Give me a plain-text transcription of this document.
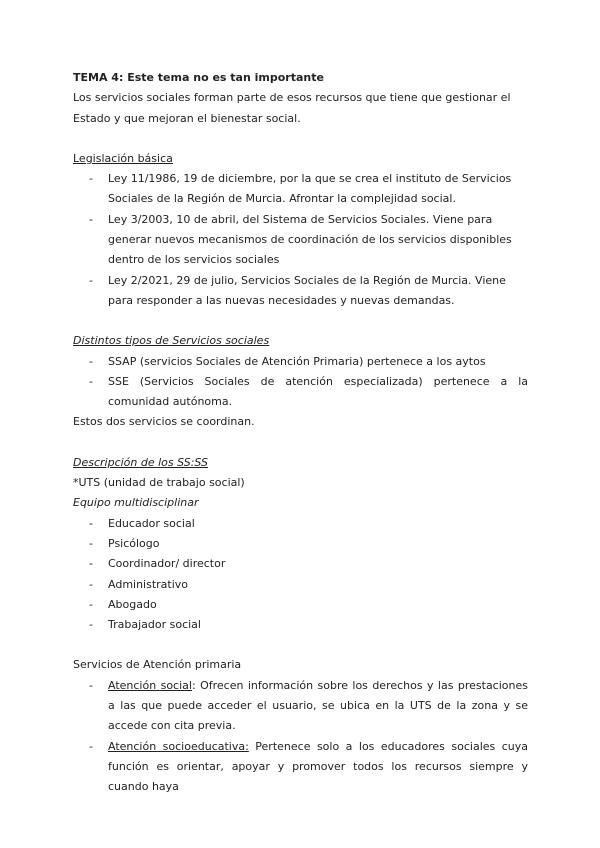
TEMA 4: Este tema no es tan importante

Los servicios sociales forman parte de esos recursos que tiene que gestionar el Estado y que mejoran el bienestar social.

Legislación básica

- Ley 11/1986, 19 de diciembre, por la que se crea el instituto de Servicios Sociales de la Región de Murcia. Afrontar la complejidad social.
- Ley 3/2003, 10 de abril, del Sistema de Servicios Sociales. Viene para generar nuevos mecanismos de coordinación de los servicios disponibles dentro de los servicios sociales
- Ley 2/2021, 29 de julio, Servicios Sociales de la Región de Murcia. Viene para responder a las nuevas necesidades y nuevas demandas.

Distintos tipos de Servicios sociales

- SSAP (servicios Sociales de Atención Primaria) pertenece a los aytos
- SSE (Servicios Sociales de atención especializada) pertenece a la comunidad autónoma.

Estos dos servicios se coordinan.

Descripción de los SS:SS

*UTS (unidad de trabajo social)

Equipo multidisciplinar

- Educador social
- Psicólogo
- Coordinador/ director
- Administrativo
- Abogado
- Trabajador social

Servicios de Atención primaria

- Atención social: Ofrecen información sobre los derechos y las prestaciones a las que puede acceder el usuario, se ubica en la UTS de la zona y se accede con cita previa.
- Atención socioeducativa: Pertenece solo a los educadores sociales cuya función es orientar, apoyar y promover todos los recursos siempre y cuando haya
